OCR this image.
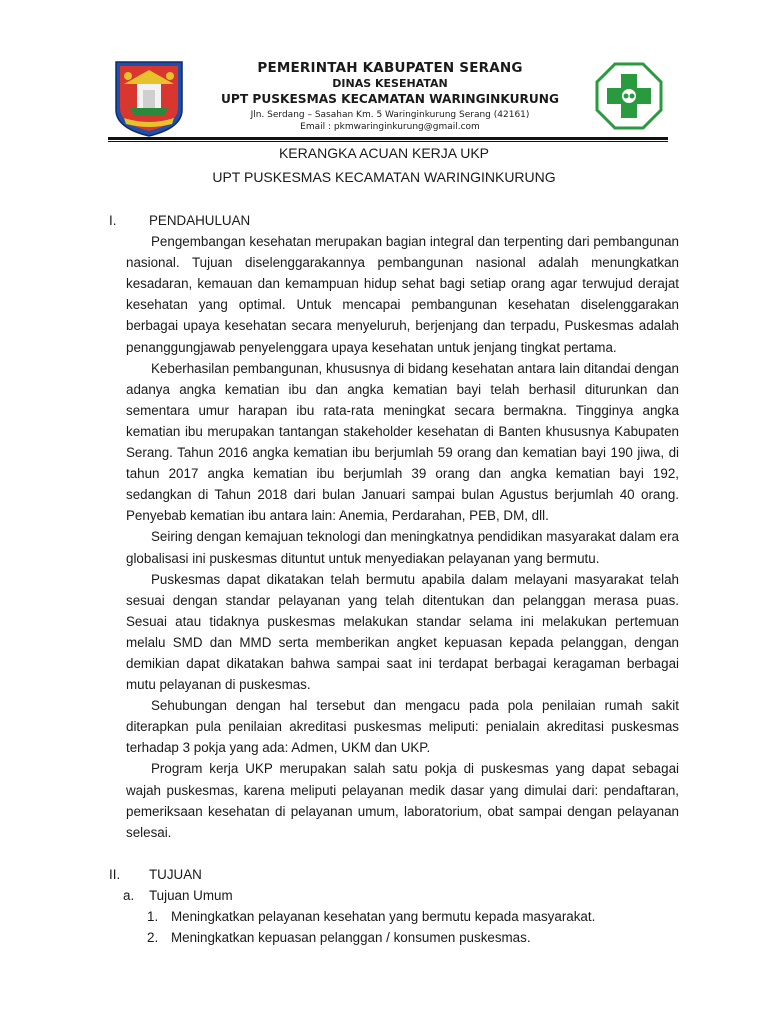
PEMERINTAH KABUPATEN SERANG
DINAS KESEHATAN
UPT PUSKESMAS KECAMATAN WARINGINKURUNG
Jln. Serdang – Sasahan Km. 5 Waringinkurung Serang (42161)
Email : pkmwaringinkurung@gmail.com
KERANGKA ACUAN KERJA UKP
UPT PUSKESMAS KECAMATAN WARINGINKURUNG
I.	PENDAHULUAN

Pengembangan kesehatan merupakan bagian integral dan terpenting dari pembangunan nasional. Tujuan diselenggarakannya pembangunan nasional adalah menungkatkan kesadaran, kemauan dan kemampuan hidup sehat bagi setiap orang agar terwujud derajat kesehatan yang optimal. Untuk mencapai pembangunan kesehatan diselenggarakan berbagai upaya kesehatan secara menyeluruh, berjenjang dan terpadu, Puskesmas adalah penanggungjawab penyelenggara upaya kesehatan untuk jenjang tingkat pertama.

Keberhasilan pembangunan, khususnya di bidang kesehatan antara lain ditandai dengan adanya angka kematian ibu dan angka kematian bayi telah berhasil diturunkan dan sementara umur harapan ibu rata-rata meningkat secara bermakna. Tingginya angka kematian ibu merupakan tantangan stakeholder kesehatan di Banten khususnya Kabupaten Serang. Tahun 2016 angka kematian ibu berjumlah 59 orang dan kematian bayi 190 jiwa, di tahun 2017 angka kematian ibu berjumlah 39 orang dan angka kematian bayi 192, sedangkan di Tahun 2018 dari bulan Januari sampai bulan Agustus berjumlah 40 orang. Penyebab kematian ibu antara lain: Anemia, Perdarahan, PEB, DM, dll.

Seiring dengan kemajuan teknologi dan meningkatnya pendidikan masyarakat dalam era globalisasi ini puskesmas dituntut untuk menyediakan pelayanan yang bermutu.

Puskesmas dapat dikatakan telah bermutu apabila dalam melayani masyarakat telah sesuai dengan standar pelayanan yang telah ditentukan dan pelanggan merasa puas. Sesuai atau tidaknya puskesmas melakukan standar selama ini melakukan pertemuan melalu SMD dan MMD serta memberikan angket kepuasan kepada pelanggan, dengan demikian dapat dikatakan bahwa sampai saat ini terdapat berbagai keragaman berbagai mutu pelayanan di puskesmas.

Sehubungan dengan hal tersebut dan mengacu pada pola penilaian rumah sakit diterapkan pula penilaian akreditasi puskesmas meliputi: penialain akreditasi puskesmas terhadap 3 pokja yang ada: Admen, UKM dan UKP.

Program kerja UKP merupakan salah satu pokja di puskesmas yang dapat sebagai wajah puskesmas, karena meliputi pelayanan medik dasar yang dimulai dari: pendaftaran, pemeriksaan kesehatan di pelayanan umum, laboratorium, obat sampai dengan pelayanan selesai.

II.	TUJUAN
a.	Tujuan Umum
1. Meningkatkan pelayanan kesehatan yang bermutu kepada masyarakat.
2. Meningkatkan kepuasan pelanggan / konsumen puskesmas.
